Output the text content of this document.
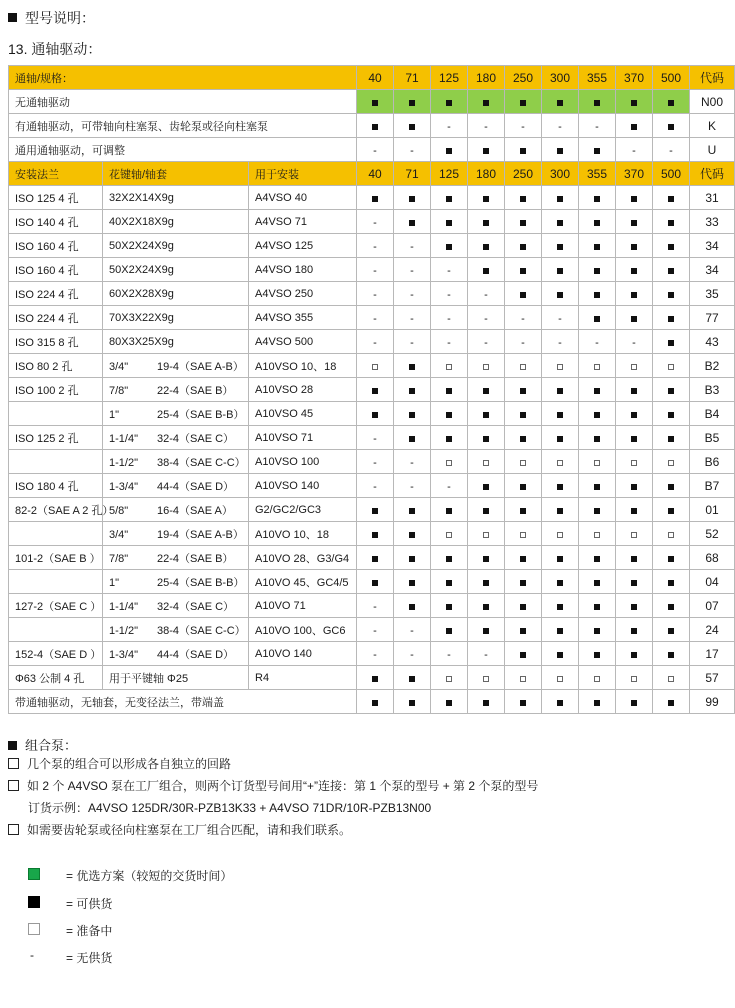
型号说明：
13. 通轴驱动：
通轴/规格：			40	71	125	180	250	300	355	370	500	代码
无通轴驱动												N00
有通轴驱动，可带轴向柱塞泵、齿轮泵或径向柱塞泵					-	-	-	-	-			K
通用通轴驱动，可调整			-	-						-	-	U
安装法兰	花键轴/轴套	用于安装	40	71	125	180	250	300	355	370	500	代码
ISO 125 4 孔	32X2X14X9g	A4VSO 40										31
ISO 140 4 孔	40X2X18X9g	A4VSO 71	-									33
ISO 160 4 孔	50X2X24X9g	A4VSO 125	-	-								34
ISO 160 4 孔	50X2X24X9g	A4VSO 180	-	-	-							34
ISO 224 4 孔	60X2X28X9g	A4VSO 250	-	-	-	-						35
ISO 224 4 孔	70X3X22X9g	A4VSO 355	-	-	-	-	-	-				77
ISO 315 8 孔	80X3X25X9g	A4VSO 500	-	-	-	-	-	-	-	-		43
ISO 80 2 孔	3/4" 19-4（SAE A-B）	A10VSO 10、18										B2
ISO 100 2 孔	7/8" 22-4（SAE B）	A10VSO 28										B3
	1" 25-4（SAE B-B）	A10VSO 45										B4
ISO 125 2 孔	1-1/4" 32-4（SAE C）	A10VSO 71	-									B5
	1-1/2" 38-4（SAE C-C）	A10VSO 100	-	-								B6
ISO 180 4 孔	1-3/4" 44-4（SAE D）	A10VSO 140	-	-	-							B7
82-2（SAE A 2 孔）	5/8" 16-4（SAE A）	G2/GC2/GC3										01
	3/4" 19-4（SAE A-B）	A10VO 10、18										52
101-2（SAE B ）	7/8" 22-4（SAE B）	A10VO 28、G3/G4										68
	1" 25-4（SAE B-B）	A10VO 45、GC4/5										04
127-2（SAE C ）	1-1/4" 32-4（SAE C）	A10VO 71	-									07
	1-1/2" 38-4（SAE C-C）	A10VO 100、GC6	-	-								24
152-4（SAE D ）	1-3/4" 44-4（SAE D）	A10VO 140	-	-	-	-						17
Φ63 公制 4 孔	用于平键轴 Φ25	R4										57
带通轴驱动，无轴套，无变径法兰，带端盖												99
组合泵：
几个泵的组合可以形成各自独立的回路
如 2 个 A4VSO 泵在工厂组合，则两个订货型号间用“+”连接：第 1 个泵的型号 + 第 2 个泵的型号
订货示例：A4VSO 125DR/30R-PZB13K33 + A4VSO 71DR/10R-PZB13N00
如需要齿轮泵或径向柱塞泵在工厂组合匹配，请和我们联系。
= 优选方案（较短的交货时间）
= 可供货
= 准备中
-	= 无供货
